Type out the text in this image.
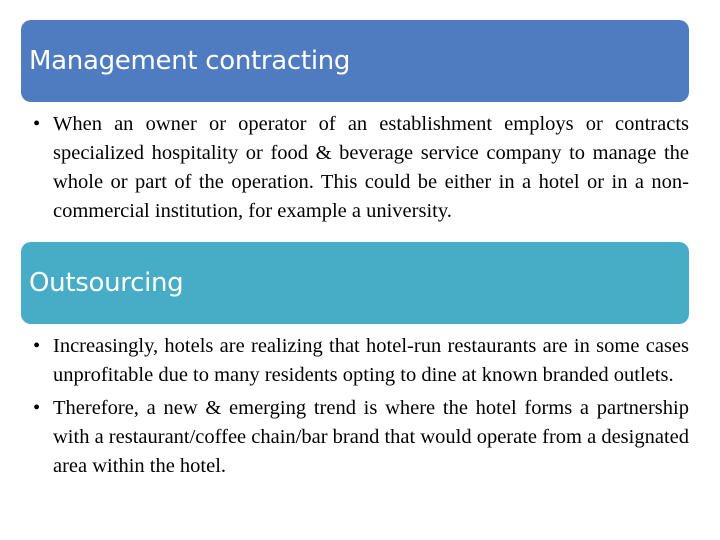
• When an owner or operator of an establishment employs or contracts specialized hospitality or food & beverage service company to manage the whole or part of the operation. This could be either in a hotel or in a non-commercial institution, for example a university.
Management contracting
• Increasingly, hotels are realizing that hotel-run restaurants are in some cases unprofitable due to many residents opting to dine at known branded outlets.
• Therefore, a new & emerging trend is where the hotel forms a partnership with a restaurant/coffee chain/bar brand that would operate from a designated area within the hotel.
Outsourcing
